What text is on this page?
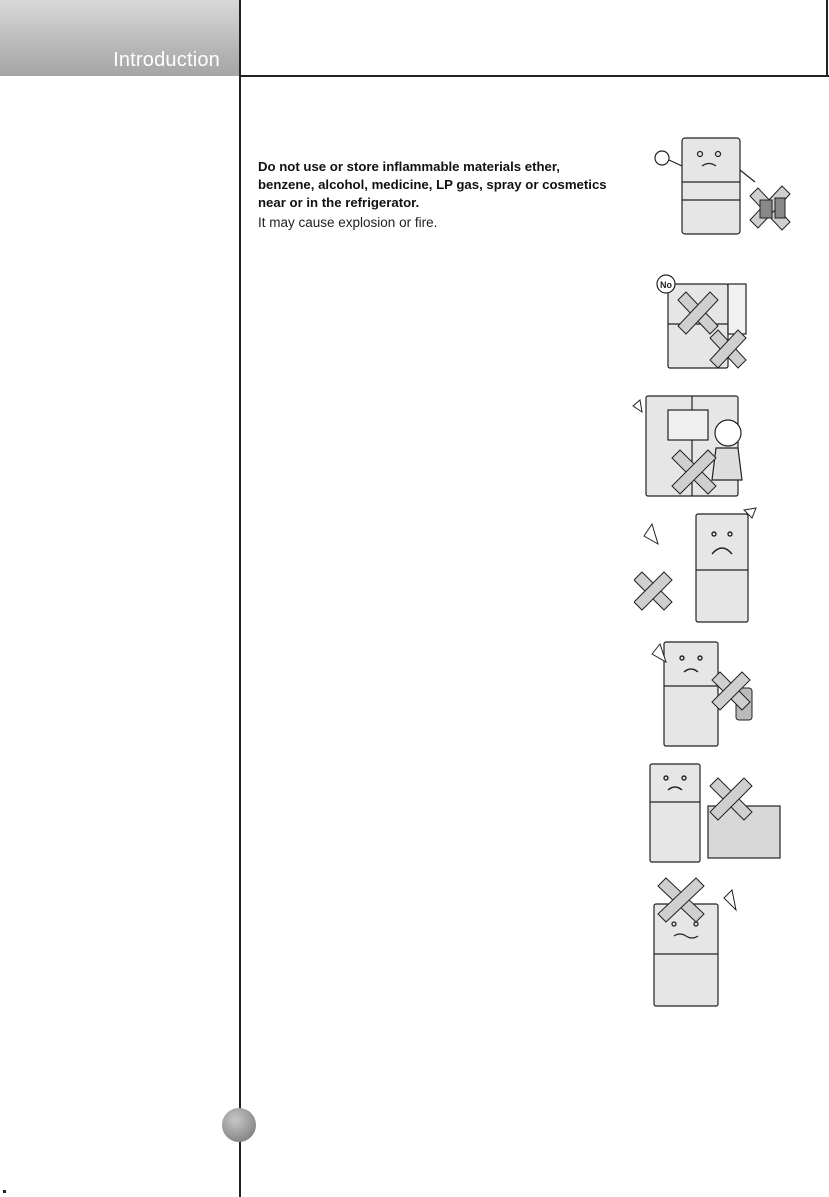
Introduction

Do not use or store inflammable materials ether, benzene, alcohol, medicine, LP gas, spray or cosmetics near or in the refrigerator.

It may cause explosion or fire.

No
